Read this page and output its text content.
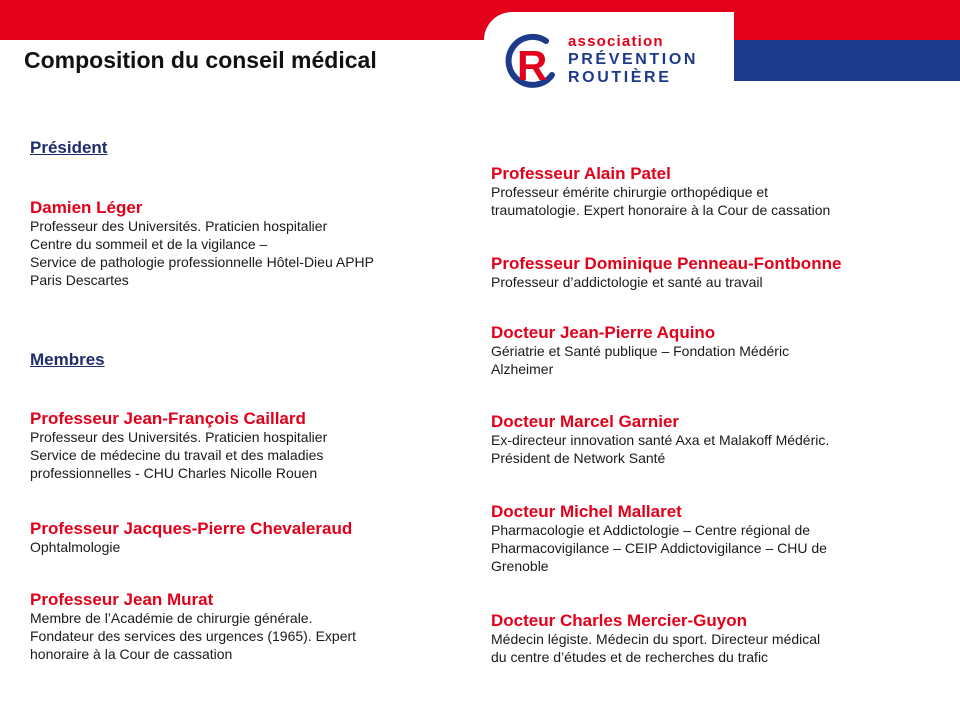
R
association
PRÉVENTION
ROUTIÈRE
Composition du conseil médical
Président
Damien Léger
Professeur des Universités. Praticien hospitalier
Centre du sommeil et de la vigilance –
Service de pathologie professionnelle Hôtel-Dieu APHP
Paris Descartes
Membres
Professeur Jean-François Caillard
Professeur des Universités. Praticien hospitalier
Service de médecine du travail et des maladies
professionnelles - CHU Charles Nicolle Rouen
Professeur Jacques-Pierre Chevaleraud
Ophtalmologie
Professeur Jean Murat
Membre de l’Académie de chirurgie générale.
Fondateur des services des urgences (1965). Expert
honoraire à la Cour de cassation
Professeur Alain Patel
Professeur émérite chirurgie orthopédique et
traumatologie. Expert honoraire à la Cour de cassation
Professeur Dominique Penneau-Fontbonne
Professeur d’addictologie et santé au travail
Docteur Jean-Pierre Aquino
Gériatrie et Santé publique – Fondation Médéric
Alzheimer
Docteur Marcel Garnier
Ex-directeur innovation santé Axa et Malakoff Médéric.
Président de Network Santé
Docteur Michel Mallaret
Pharmacologie et Addictologie – Centre régional de
Pharmacovigilance – CEIP Addictovigilance – CHU de
Grenoble
Docteur Charles Mercier-Guyon
Médecin légiste. Médecin du sport. Directeur médical
du centre d’études et de recherches du trafic
